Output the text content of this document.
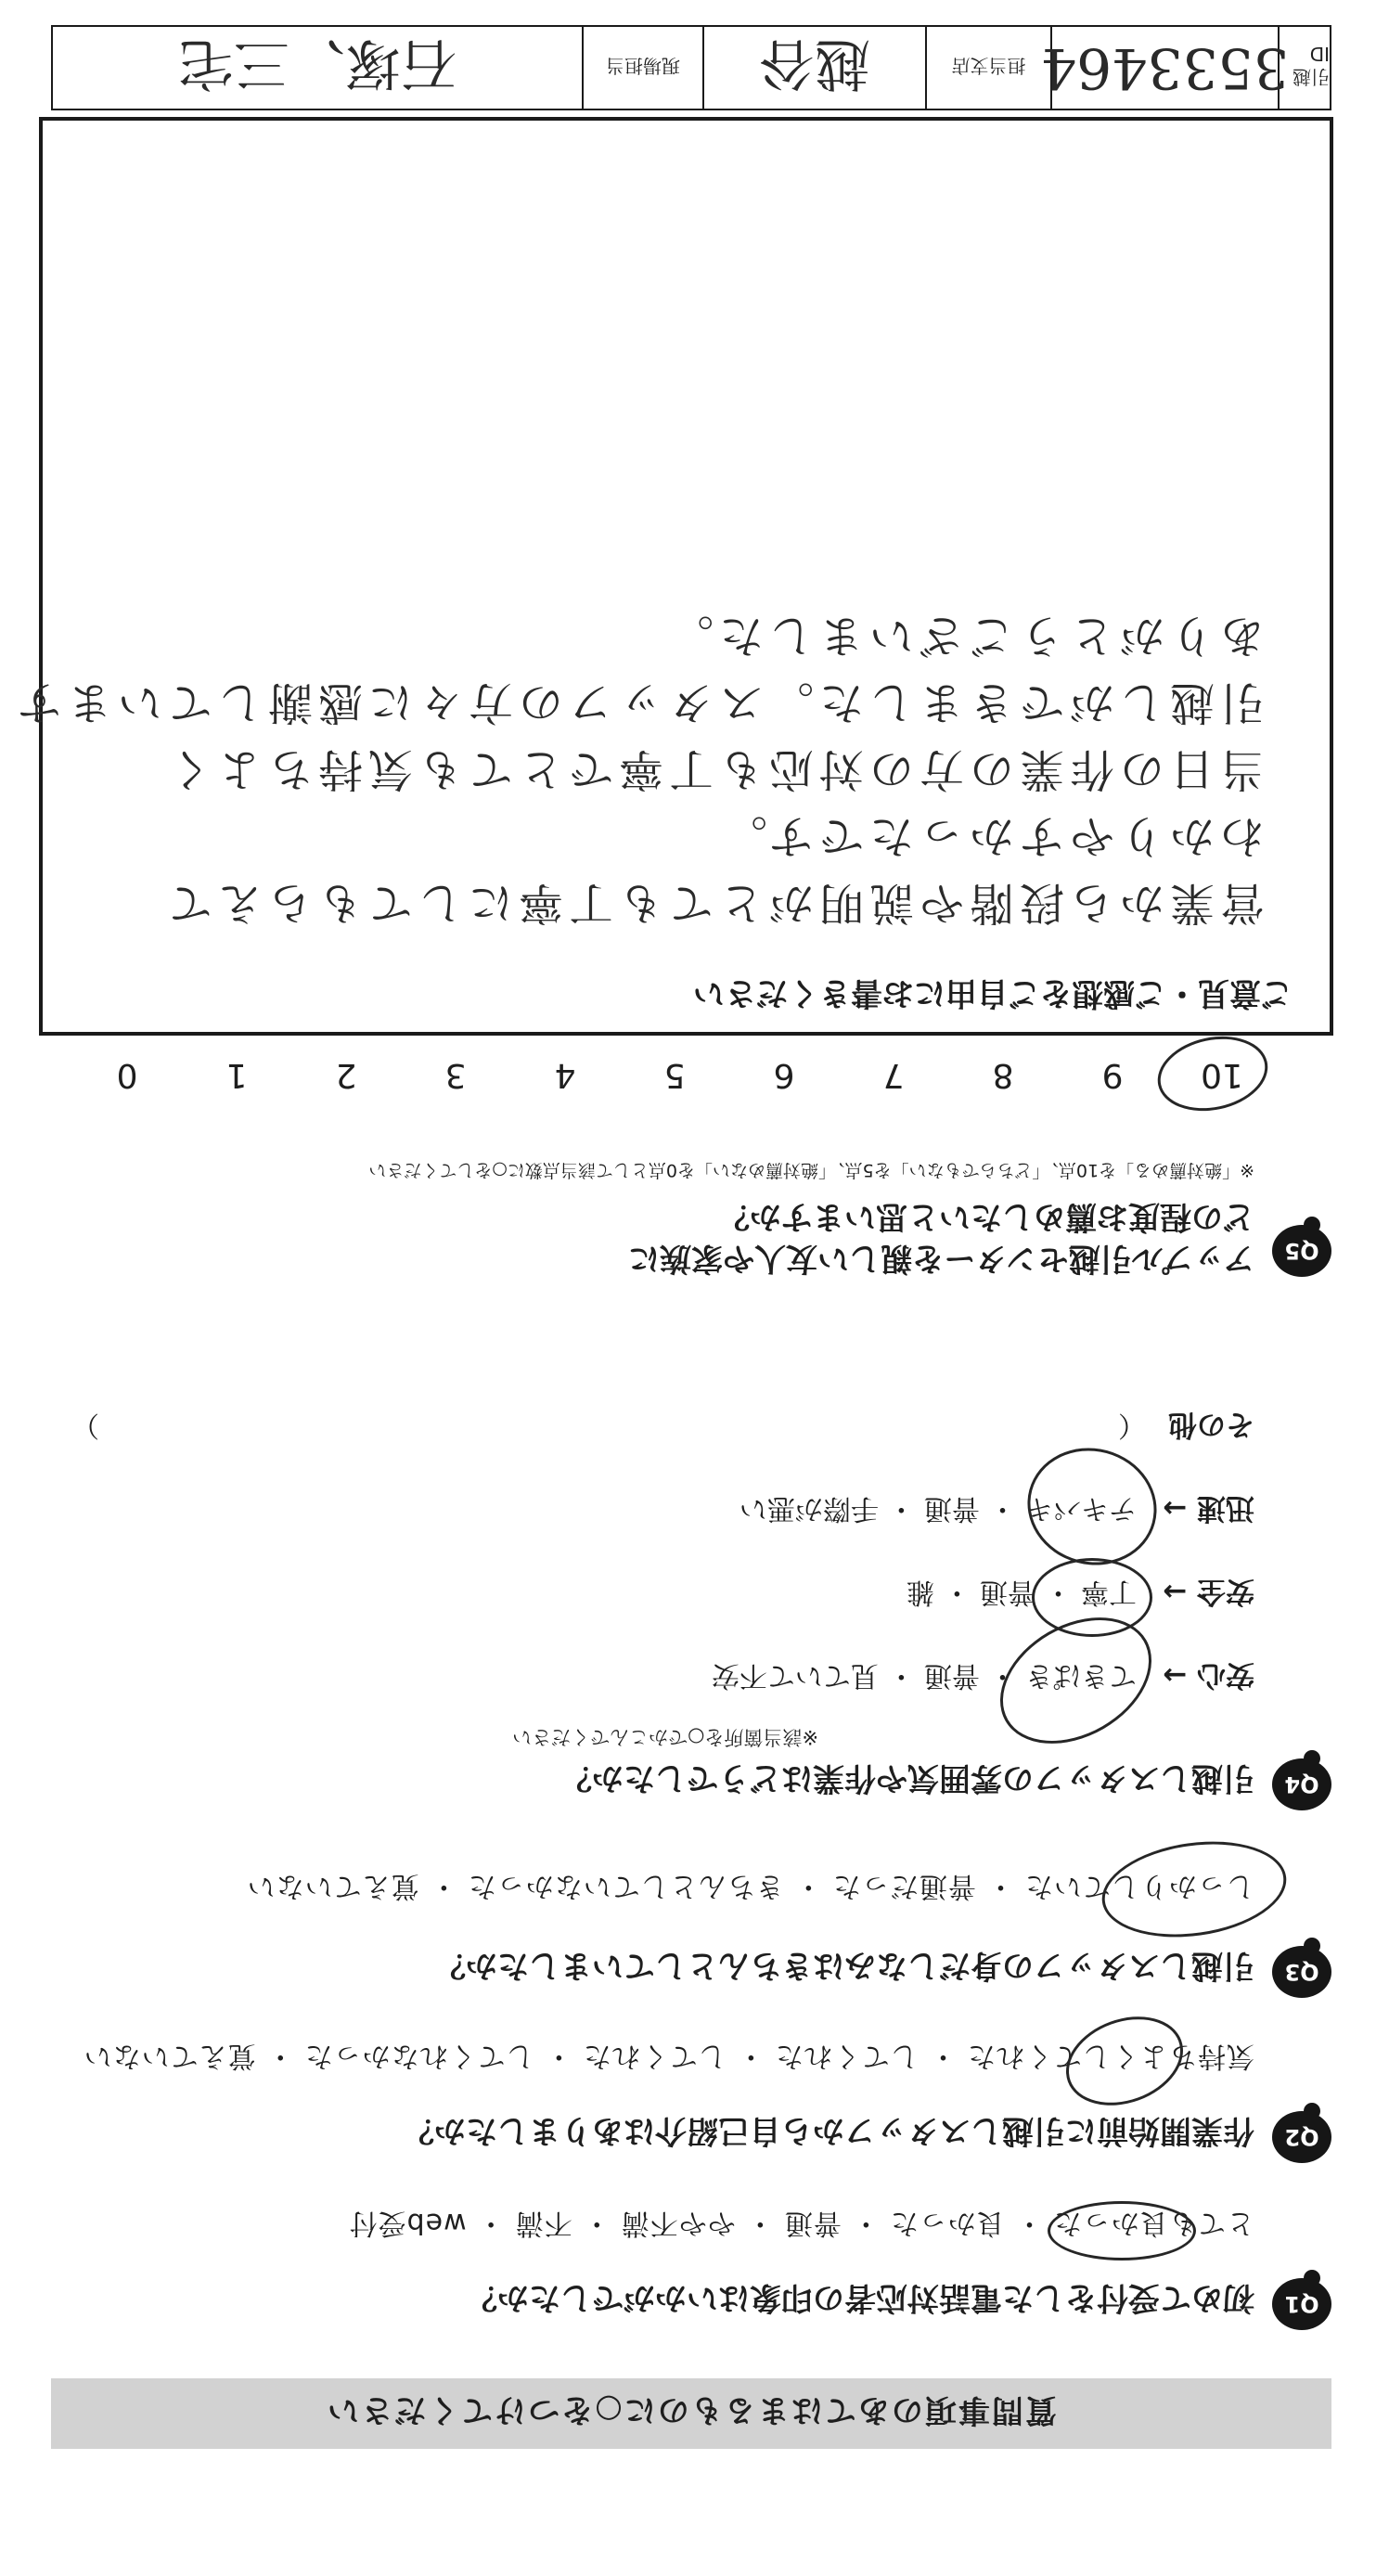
質問事項のあてはまるものに○をつけてください
Q1
初めて受付をした電話対応者の印象はいかがでしたか？
とても良かった ・ 良かった ・ 普通 ・ やや不満 ・ 不満 ・ web受付
Q2
作業開始前に引越しスタッフから自己紹介はありましたか？
気持ちよくしてくれた ・ してくれた ・ してくれた ・ してくれなかった ・ 覚えていない
Q3
引越しスタッフの身だしなみはきちんとしていましたか？
しっかりしていた ・ 普通だった ・ きちんとしていなかった ・ 覚えていない
Q4
引越しスタッフの雰囲気や作業はどうでしたか？
※該当箇所を○でかこんでください
安心 →
てきぱき ・ 普通 ・ 見ていて不安
安全 →
丁寧 ・ 普通 ・ 雑
迅速 →
テキパキ ・ 普通 ・ 手際が悪い
その他
（
）
Q5
アップル引越センターを親しい友人や家族に
どの程度お薦めしたいと思いますか？
※「絶対薦める」を10点、「どちらでもない」を5点、「絶対薦めない」を0点として該当点数に○をしてください
10
9
8
7
6
5
4
3
2
1
0
ご意見・ご感想をご自由にお書きください
営業から段階や説明がとても丁寧にしてもらえて
わかりやすかったです。
当日の作業の方の対応も丁寧でとても気持ちよく
引越しができました。スタッフの方々に感謝しています
ありがとうございました。
引越ID
3533464
担当支店
越谷
現場担当
石塚、三宅
